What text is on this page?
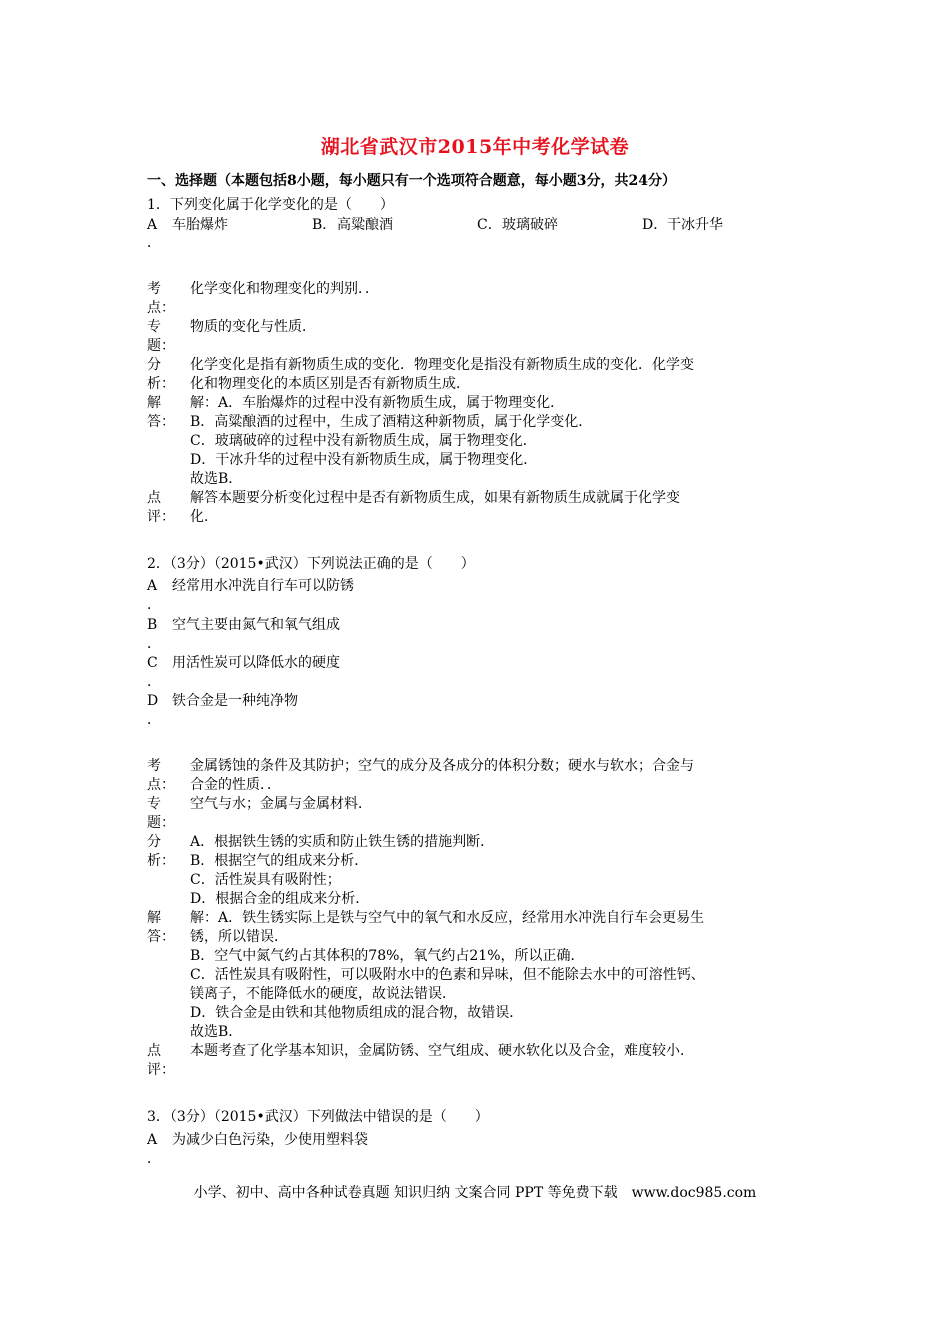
湖北省武汉市2015年中考化学试卷
一、选择题（本题包括8小题，每小题只有一个选项符合题意，每小题3分，共24分）
1．下列变化属于化学变化的是（　　）
A 车胎爆炸	B． 高粱酿酒	C． 玻璃破碎	D． 干冰升华
．
考
点：
化学变化和物理变化的判别．．
专
题：
物质的变化与性质．
分
析：
化学变化是指有新物质生成的变化．物理变化是指没有新物质生成的变化．化学变
化和物理变化的本质区别是否有新物质生成．
解
答：
解：A．车胎爆炸的过程中没有新物质生成，属于物理变化．
B．高粱酿酒的过程中，生成了酒精这种新物质，属于化学变化．
C．玻璃破碎的过程中没有新物质生成，属于物理变化．
D．干冰升华的过程中没有新物质生成，属于物理变化．
故选B．
点
评：
解答本题要分析变化过程中是否有新物质生成，如果有新物质生成就属于化学变
化．
2．（3分）（2015•武汉）下列说法正确的是（　　）
A 经常用水冲洗自行车可以防锈
．
B 空气主要由氮气和氧气组成
．
C 用活性炭可以降低水的硬度
．
D 铁合金是一种纯净物
．
考
点：
金属锈蚀的条件及其防护；空气的成分及各成分的体积分数；硬水与软水；合金与
合金的性质．．
专
题：
空气与水；金属与金属材料．
分
析：
A．根据铁生锈的实质和防止铁生锈的措施判断．
B．根据空气的组成来分析．
C．活性炭具有吸附性；
D．根据合金的组成来分析．
解
答：
解：A．铁生锈实际上是铁与空气中的氧气和水反应，经常用水冲洗自行车会更易生
锈，所以错误．
B．空气中氮气约占其体积的78%，氧气约占21%，所以正确．
C．活性炭具有吸附性，可以吸附水中的色素和异味，但不能除去水中的可溶性钙、
镁离子，不能降低水的硬度，故说法错误．
D．铁合金是由铁和其他物质组成的混合物，故错误．
故选B．
点
评：
本题考查了化学基本知识，金属防锈、空气组成、硬水软化以及合金，难度较小．
3．（3分）（2015•武汉）下列做法中错误的是（　　）
A 为减少白色污染，少使用塑料袋
．
小学、初中、高中各种试卷真题 知识归纳 文案合同 PPT 等免费下载　www.doc985.com
